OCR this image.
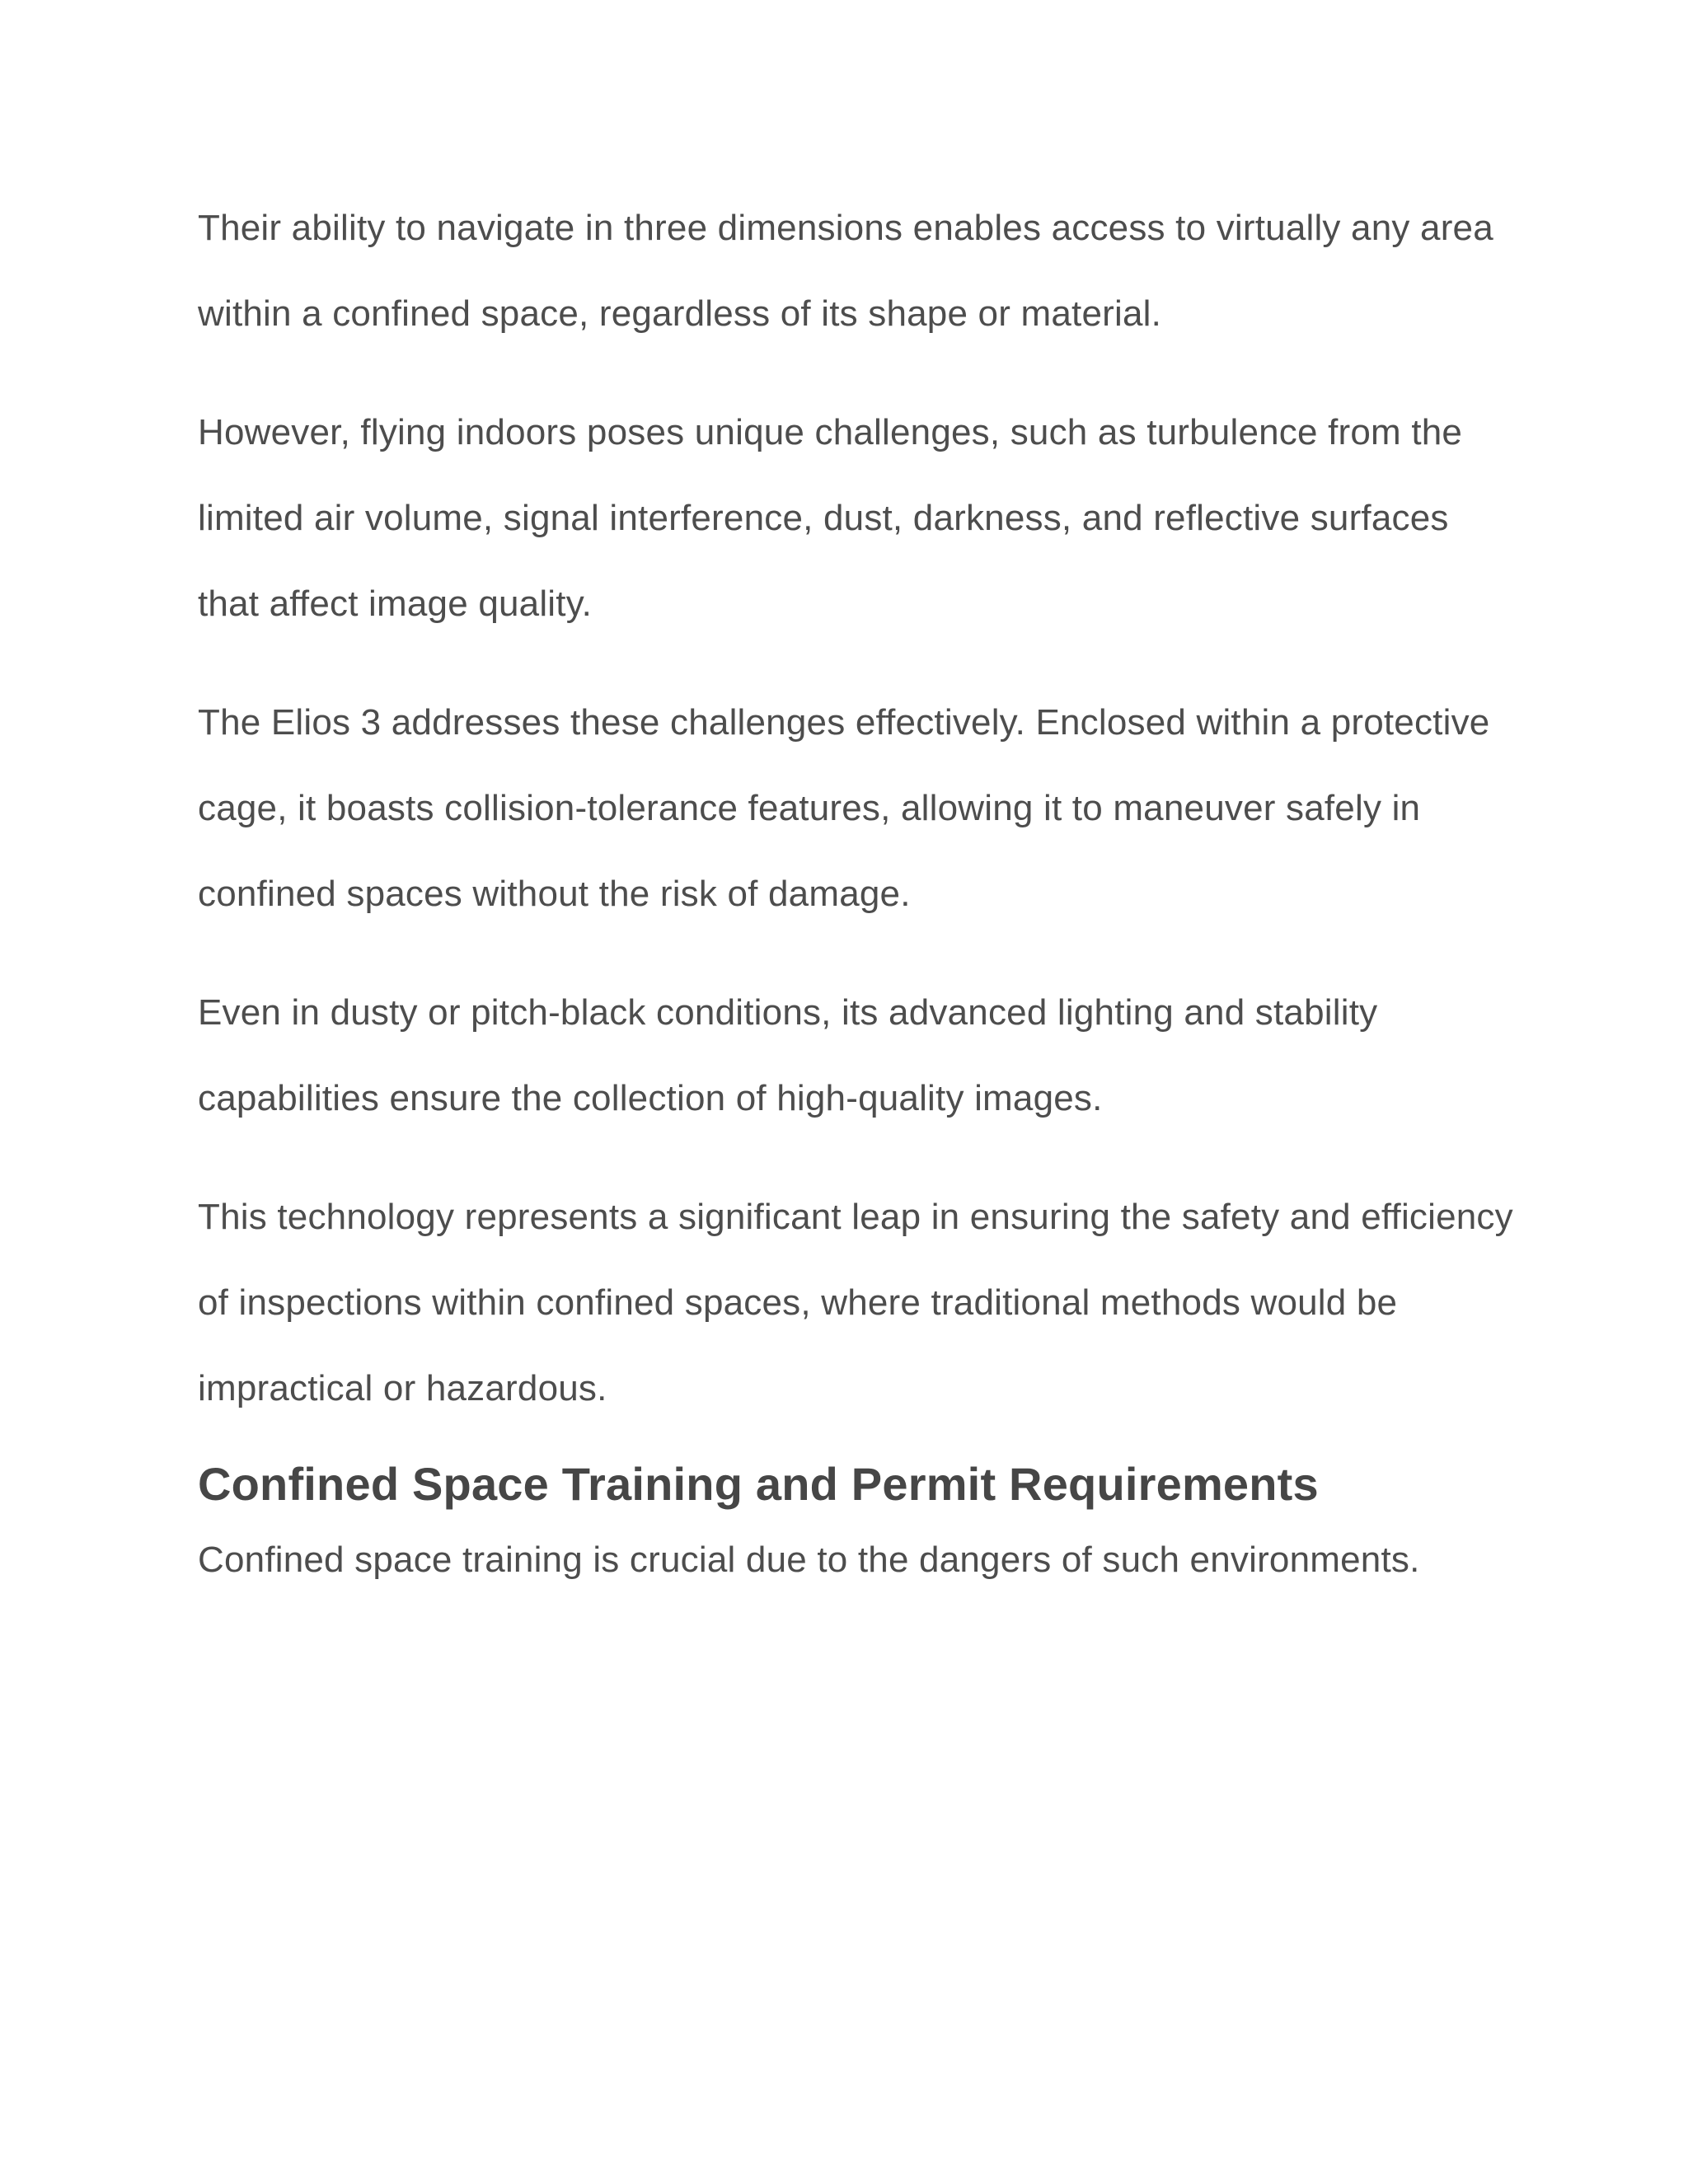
Their ability to navigate in three dimensions enables access to virtually any area within a confined space, regardless of its shape or material.

However, flying indoors poses unique challenges, such as turbulence from the limited air volume, signal interference, dust, darkness, and reflective surfaces that affect image quality.

The Elios 3 addresses these challenges effectively. Enclosed within a protective cage, it boasts collision-tolerance features, allowing it to maneuver safely in confined spaces without the risk of damage.

Even in dusty or pitch-black conditions, its advanced lighting and stability capabilities ensure the collection of high-quality images.

This technology represents a significant leap in ensuring the safety and efficiency of inspections within confined spaces, where traditional methods would be impractical or hazardous.

Confined Space Training and Permit Requirements

Confined space training is crucial due to the dangers of such environments.
